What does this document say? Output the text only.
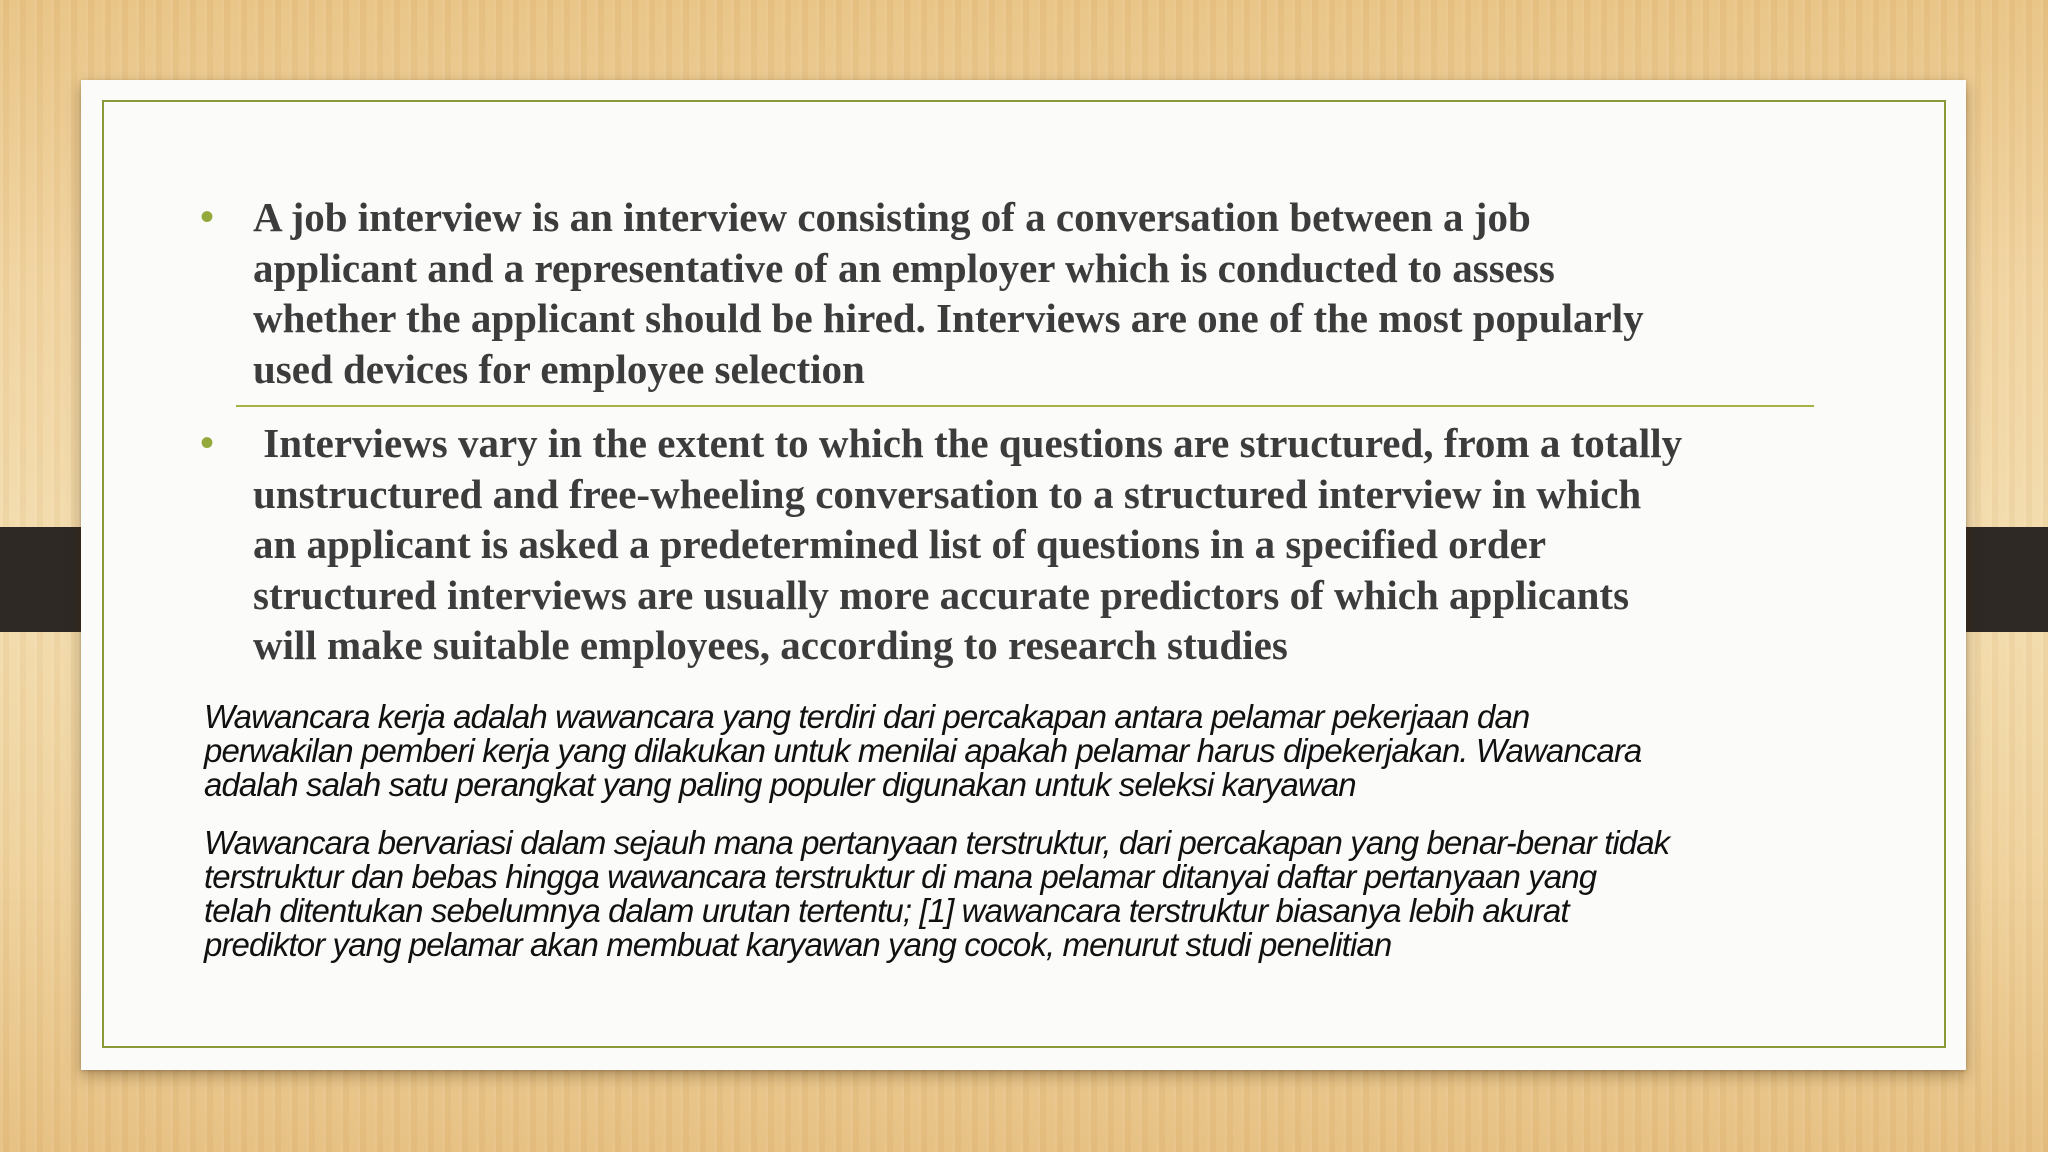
• A job interview is an interview consisting of a conversation between a job
applicant and a representative of an employer which is conducted to assess
whether the applicant should be hired. Interviews are one of the most popularly
used devices for employee selection
• Interviews vary in the extent to which the questions are structured, from a totally
unstructured and free-wheeling conversation to a structured interview in which
an applicant is asked a predetermined list of questions in a specified order
structured interviews are usually more accurate predictors of which applicants
will make suitable employees, according to research studies
Wawancara kerja adalah wawancara yang terdiri dari percakapan antara pelamar pekerjaan dan
perwakilan pemberi kerja yang dilakukan untuk menilai apakah pelamar harus dipekerjakan. Wawancara
adalah salah satu perangkat yang paling populer digunakan untuk seleksi karyawan
Wawancara bervariasi dalam sejauh mana pertanyaan terstruktur, dari percakapan yang benar-benar tidak
terstruktur dan bebas hingga wawancara terstruktur di mana pelamar ditanyai daftar pertanyaan yang
telah ditentukan sebelumnya dalam urutan tertentu; [1] wawancara terstruktur biasanya lebih akurat
prediktor yang pelamar akan membuat karyawan yang cocok, menurut studi penelitian
